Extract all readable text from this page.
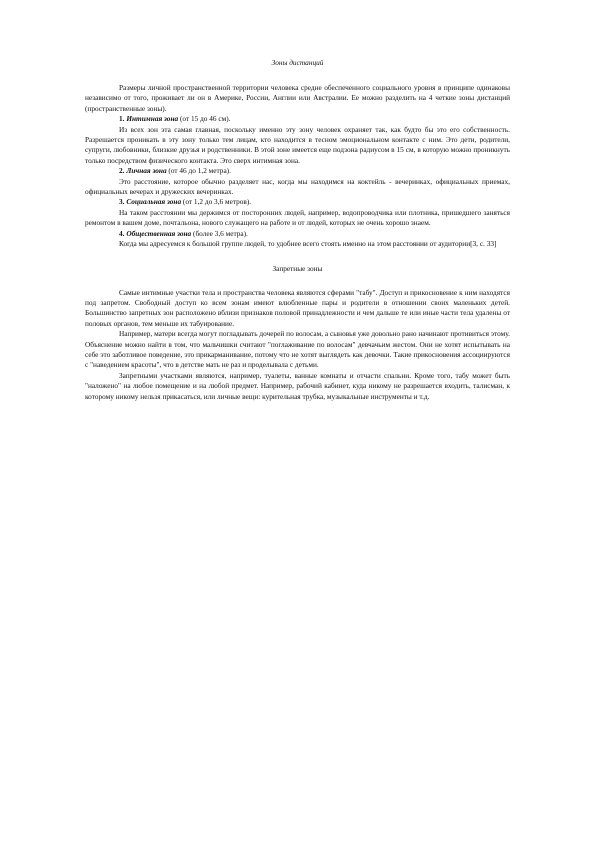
Зоны дистанций

Размеры личной пространственной территории человека средне обеспеченного социального уровня в принципе одинаковы независимо от того, проживает ли он в Америке, России, Англии или Австралии. Ее можно разделить на 4 четкие зоны дистанций (пространственные зоны).

1. Интимная зона (от 15 до 46 см).

Из всех зон эта самая главная, поскольку именно эту зону человек охраняет так, как будто бы это его собственность. Разрешается проникать в эту зону только тем лицам, кто находится в тесном эмоциональном контакте с ним. Это дети, родители, супруги, любовники, близкие друзья и родственники. В этой зоне имеется еще подзона радиусом в 15 см, в которую можно проникнуть только посредством физического контакта. Это сверх интимная зона.

2. Личная зона (от 46 до 1,2 метра).

Это расстояние, которое обычно разделяет нас, когда мы находимся на коктейль - вечеринках, официальных приемах, официальных вечерах и дружеских вечеринках.

3. Социальная зона (от 1,2 до 3,6 метров).

На таком расстоянии мы держимся от посторонних людей, например, водопроводчика или плотника, пришедшего заняться ремонтом в вашем доме, почтальона, нового служащего на работе и от людей, которых не очень хорошо знаем.

4. Общественная зона (более 3,6 метра).

Когда мы адресуемся к большой группе людей, то удобнее всего стоять именно на этом расстоянии от аудитории[3, с. 33]

Запретные зоны

Самые интимные участки тела и пространства человека являются сферами "табу". Доступ и прикосновение к ним находятся под запретом. Свободный доступ ко всем зонам имеют влюбленные пары и родители в отношении своих маленьких детей. Большинство запретных зон расположено вблизи признаков половой принадлежности и чем дальше те или иные части тела удалены от половых органов, тем меньше их табуирование.

Например, матери всегда могут погладывать дочерей по волосам, а сыновья уже довольно рано начинают противиться этому. Объяснение можно найти в том, что мальчишки считают "поглаживание по волосам" девчачьим жестом. Они не хотят испытывать на себе это заботливое поведение, это прикарманивание, потому что не хотят выглядеть как девочки. Такие прикосновения ассоциируются с "наведением красоты", что в детстве мать не раз и проделывала с детьми.

Запретными участками являются, например, туалеты, ванные комнаты и отчасти спальни. Кроме того, табу может быть "наложено" на любое помещение и на любой предмет. Например, рабочий кабинет, куда никому не разрешается входить, талисман, к которому никому нельзя прикасаться, или личные вещи: курительная трубка, музыкальные инструменты и т.д.
